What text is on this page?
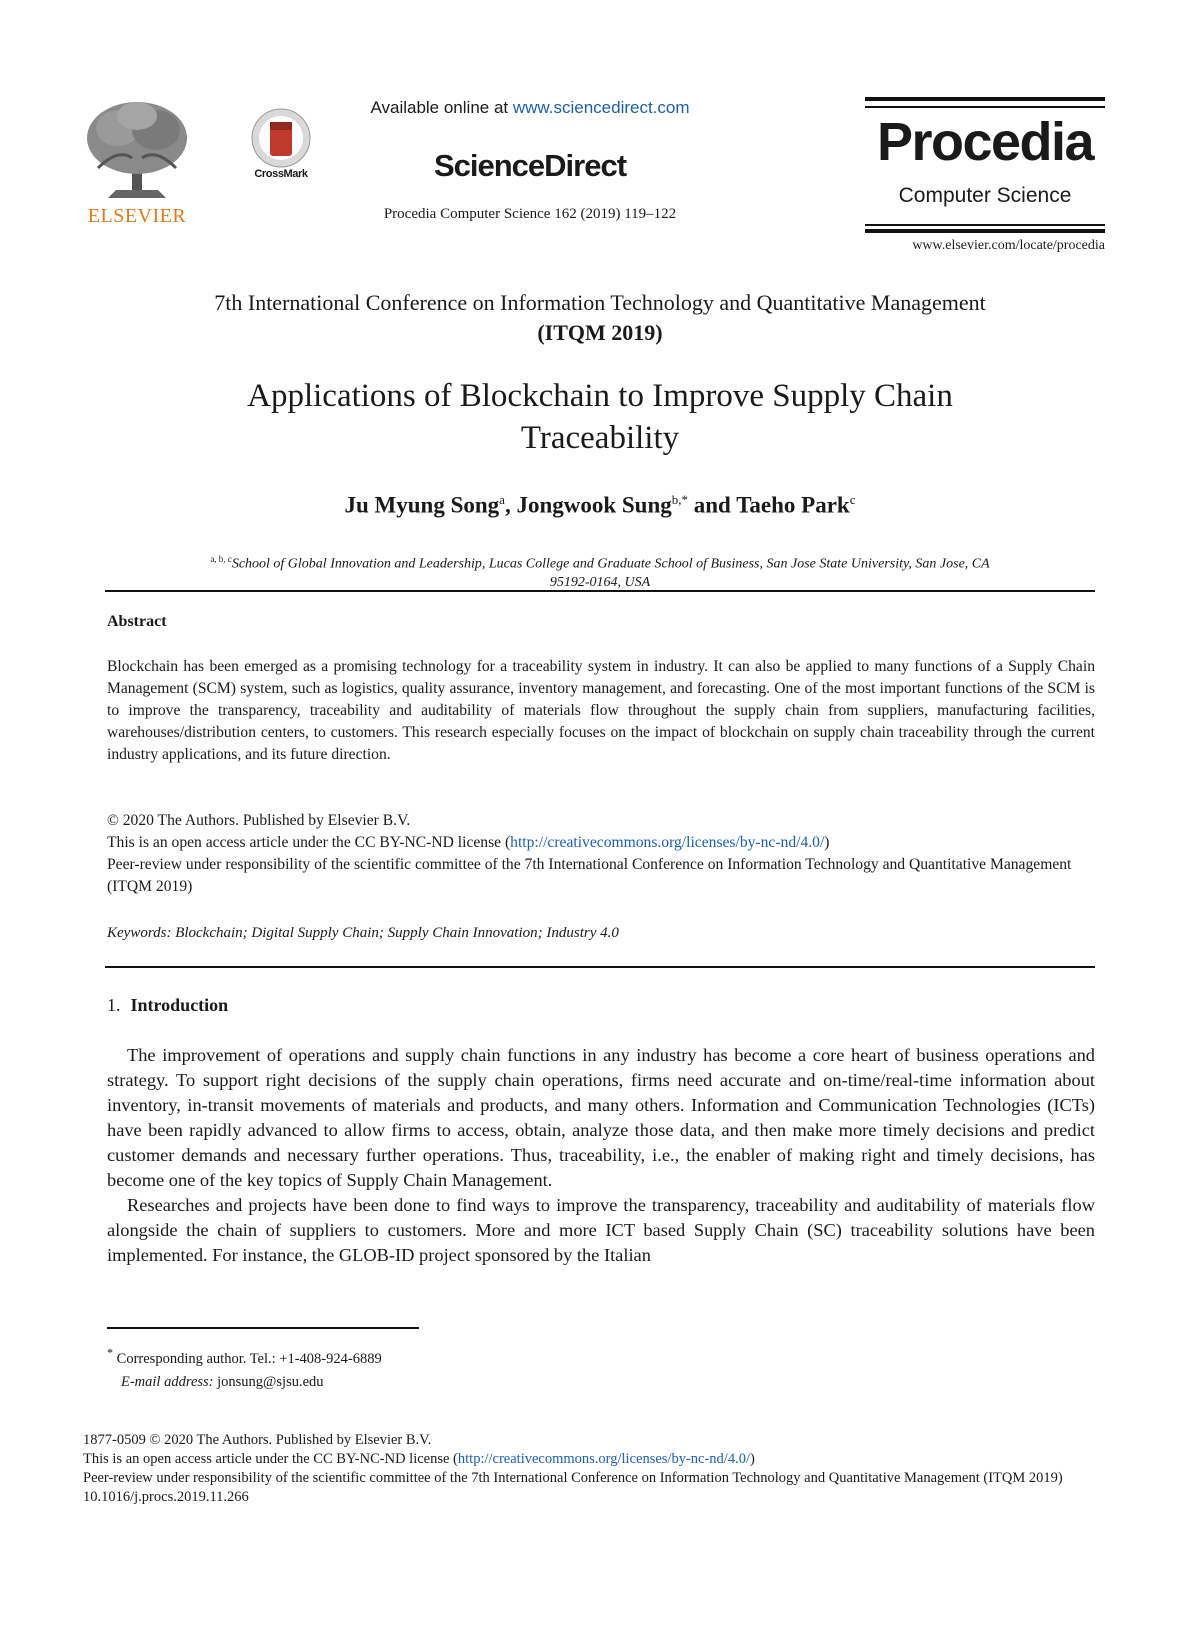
ELSEVIER
CrossMark
Available online at www.sciencedirect.com
ScienceDirect
Procedia Computer Science 162 (2019) 119–122
Procedia
Computer Science
www.elsevier.com/locate/procedia
7th International Conference on Information Technology and Quantitative Management
(ITQM 2019)
Applications of Blockchain to Improve Supply Chain
Traceability
Ju Myung Song$^a$, Jongwook Sung$^{b,*}$ and Taeho Park$^c$
$^{a, b, c}$School of Global Innovation and Leadership, Lucas College and Graduate School of Business, San Jose State University, San Jose, CA
95192-0164, USA
Abstract
Blockchain has been emerged as a promising technology for a traceability system in industry. It can also be applied to many functions of a Supply Chain Management (SCM) system, such as logistics, quality assurance, inventory management, and forecasting. One of the most important functions of the SCM is to improve the transparency, traceability and auditability of materials flow throughout the supply chain from suppliers, manufacturing facilities, warehouses/distribution centers, to customers. This research especially focuses on the impact of blockchain on supply chain traceability through the current industry applications, and its future direction.
© 2020 The Authors. Published by Elsevier B.V.
This is an open access article under the CC BY-NC-ND license (http://creativecommons.org/licenses/by-nc-nd/4.0/)
Peer-review under responsibility of the scientific committee of the 7th International Conference on Information Technology and Quantitative Management (ITQM 2019)
Keywords: Blockchain; Digital Supply Chain; Supply Chain Innovation; Industry 4.0
1. Introduction

The improvement of operations and supply chain functions in any industry has become a core heart of business operations and strategy. To support right decisions of the supply chain operations, firms need accurate and on-time/real-time information about inventory, in-transit movements of materials and products, and many others. Information and Communication Technologies (ICTs) have been rapidly advanced to allow firms to access, obtain, analyze those data, and then make more timely decisions and predict customer demands and necessary further operations. Thus, traceability, i.e., the enabler of making right and timely decisions, has become one of the key topics of Supply Chain Management.

Researches and projects have been done to find ways to improve the transparency, traceability and auditability of materials flow alongside the chain of suppliers to customers. More and more ICT based Supply Chain (SC) traceability solutions have been implemented. For instance, the GLOB-ID project sponsored by the Italian

* Corresponding author. Tel.: +1-408-924-6889
E-mail address: jonsung@sjsu.edu
1877-0509 © 2020 The Authors. Published by Elsevier B.V.
This is an open access article under the CC BY-NC-ND license (http://creativecommons.org/licenses/by-nc-nd/4.0/)
Peer-review under responsibility of the scientific committee of the 7th International Conference on Information Technology and Quantitative Management (ITQM 2019)
10.1016/j.procs.2019.11.266
